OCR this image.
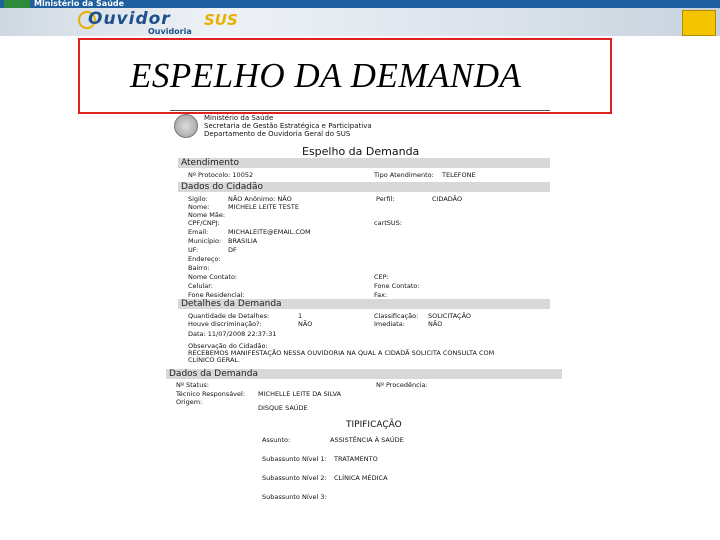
Ministério da Saúde
Ouvidor SUS
Ouvidoria
ESPELHO DA DEMANDA
Ministério da Saúde
Secretaria de Gestão Estratégica e Participativa
Departamento de Ouvidoria Geral do SUS
Espelho da Demanda
Atendimento
Nº Protocolo: 10052	Tipo Atendimento: TELEFONE
Dados do Cidadão
Sigilo:	NÃO Anônimo: NÃO	Perfil:	CIDADÃO
Nome:	MICHELE LEITE TESTE
Nome Mãe:
CPF/CNPJ:	cartSUS:
Email:	MICHALEITE@EMAIL.COM
Município: BRASILIA
UF:	DF
Endereço:
Bairro:
Nome Contato:	CEP:
Celular:	Fone Contato:
Fone Residencial:	Fax:
Detalhes da Demanda
Quantidade de Detalhes:	1	Classificação: SOLICITAÇÃO
Houve discriminação?:	NÃO	Imediata:	NÃO
Data: 11/07/2008 22:37:31
Observação do Cidadão:
RECEBEMOS MANIFESTAÇÃO NESSA OUVIDORIA NA QUAL A CIDADÃ SOLICITA CONSULTA COM
CLÍNICO GERAL.
Dados da Demanda
Nº Status:	Nº Procedência:
Técnico Responsável: MICHELLE LEITE DA SILVA
Origem:
DISQUE SAÚDE
TIPIFICAÇÃO
Assunto:	ASSISTÊNCIA À SAÚDE
Subassunto Nível 1: TRATAMENTO
Subassunto Nível 2: CLÍNICA MÉDICA
Subassunto Nível 3:
